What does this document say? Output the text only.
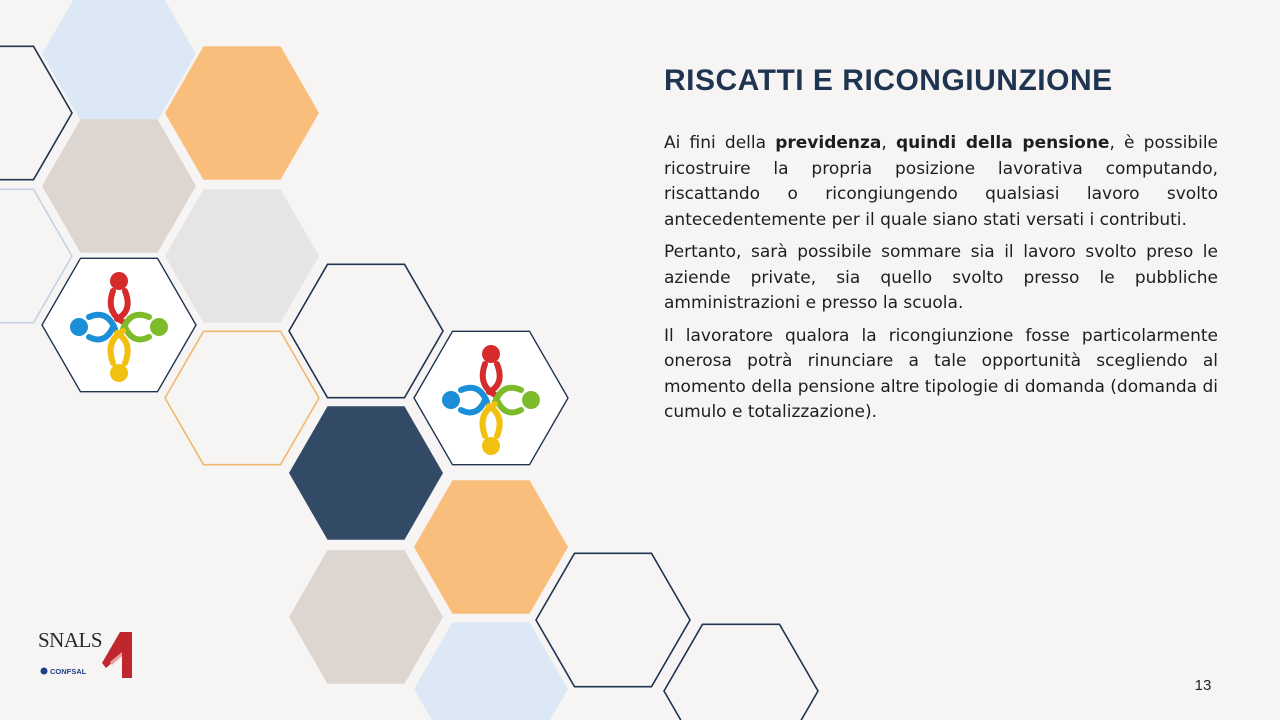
RISCATTI E RICONGIUNZIONE

Ai fini della previdenza, quindi della pensione, è possibile ricostruire la propria posizione lavorativa computando, riscattando o ricongiungendo qualsiasi lavoro svolto antecedentemente per il quale siano stati versati i contributi.

Pertanto, sarà possibile sommare sia il lavoro svolto preso le aziende private, sia quello svolto presso le pubbliche amministrazioni e presso la scuola.

Il lavoratore qualora la ricongiunzione fosse particolarmente onerosa potrà rinunciare a tale opportunità scegliendo al momento della pensione altre tipologie di domanda (domanda di cumulo e totalizzazione).

13
SNALS
CONFSAL
